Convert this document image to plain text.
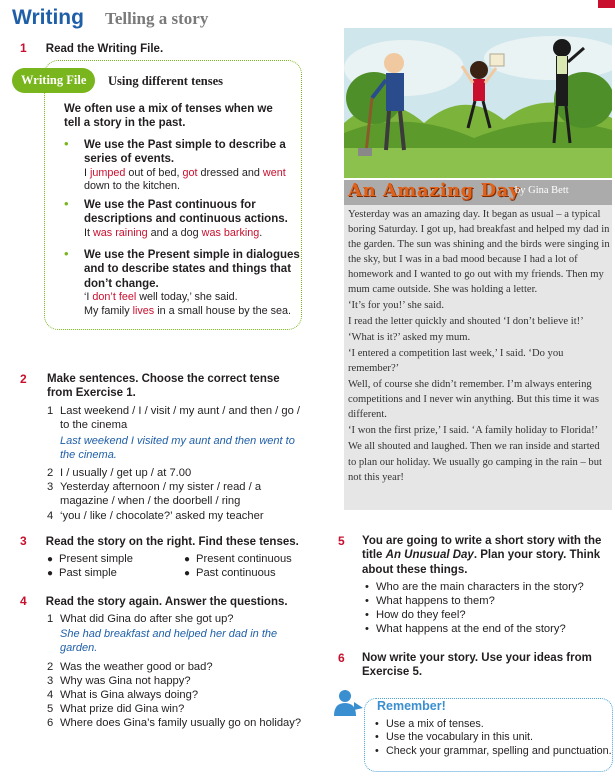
Writing Telling a story
1 Read the Writing File.
Writing File	Using different tenses
We often use a mix of tenses when we tell a story in the past.
• We use the Past simple to describe a series of events.
I jumped out of bed, got dressed and went down to the kitchen.
• We use the Past continuous for descriptions and continuous actions.
It was raining and a dog was barking.
• We use the Present simple in dialogues and to describe states and things that don’t change.
‘I don’t feel well today,’ she said.
My family lives in a small house by the sea.
2 Make sentences. Choose the correct tense from Exercise 1.
1 Last weekend / I / visit / my aunt / and then / go / to the cinema
Last weekend I visited my aunt and then went to the cinema.
2 I / usually / get up / at 7.00
3 Yesterday afternoon / my sister / read / a magazine / when / the doorbell / ring
4 ‘you / like / chocolate?’ asked my teacher
3 Read the story on the right. Find these tenses.
● Present simple	● Present continuous
● Past simple	● Past continuous
4 Read the story again. Answer the questions.
1 What did Gina do after she got up?
She had breakfast and helped her dad in the garden.
2 Was the weather good or bad?
3 Why was Gina not happy?
4 What is Gina always doing?
5 What prize did Gina win?
6 Where does Gina’s family usually go on holiday?
An Amazing Day
by Gina Bett

Yesterday was an amazing day. It began as usual – a typical boring Saturday. I got up, had breakfast and helped my dad in the garden. The sun was shining and the birds were singing in the sky, but I was in a bad mood because I had a lot of homework and I wanted to go out with my friends. Then my mum came outside. She was holding a letter.

‘It’s for you!’ she said.

I read the letter quickly and shouted ‘I don’t believe it!’

‘What is it?’ asked my mum.

‘I entered a competition last week,’ I said. ‘Do you remember?’

Well, of course she didn’t remember. I’m always entering competitions and I never win anything. But this time it was different.

‘I won the first prize,’ I said. ‘A family holiday to Florida!’

We all shouted and laughed. Then we ran inside and started to plan our holiday. We usually go camping in the rain – but not this year!

5 You are going to write a short story with the title An Unusual Day. Plan your story. Think about these things.
• Who are the main characters in the story?
• What happens to them?
• How do they feel?
• What happens at the end of the story?
6 Now write your story. Use your ideas from Exercise 5.
Remember!
• Use a mix of tenses.
• Use the vocabulary in this unit.
• Check your grammar, spelling and punctuation.
